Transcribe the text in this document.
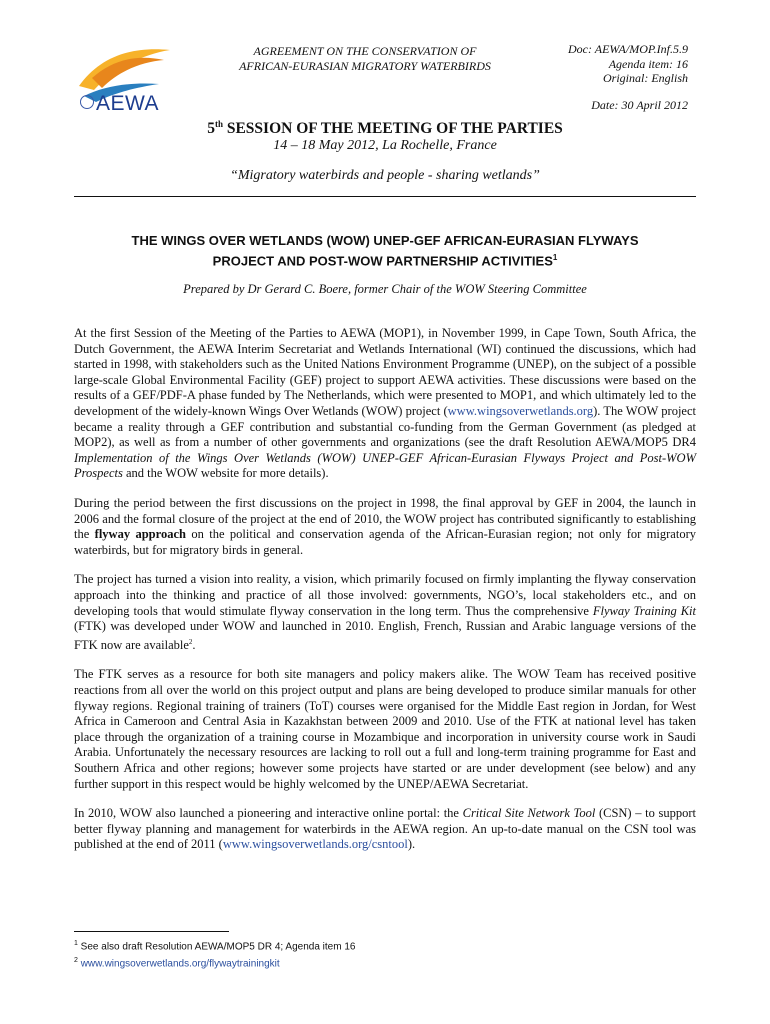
AEWA
AGREEMENT ON THE CONSERVATION OF
AFRICAN-EURASIAN MIGRATORY WATERBIRDS
Doc: AEWA/MOP.Inf.5.9
Agenda item: 16
Original: English
Date: 30 April 2012
5th SESSION OF THE MEETING OF THE PARTIES
14 – 18 May 2012, La Rochelle, France
“Migratory waterbirds and people - sharing wetlands”
THE WINGS OVER WETLANDS (WOW) UNEP-GEF AFRICAN-EURASIAN FLYWAYS
PROJECT AND POST-WOW PARTNERSHIP ACTIVITIES$^1$
Prepared by Dr Gerard C. Boere, former Chair of the WOW Steering Committee

At the first Session of the Meeting of the Parties to AEWA (MOP1), in November 1999, in Cape Town, South Africa, the Dutch Government, the AEWA Interim Secretariat and Wetlands International (WI) continued the discussions, which had started in 1998, with stakeholders such as the United Nations Environment Programme (UNEP), on the subject of a possible large-scale Global Environmental Facility (GEF) project to support AEWA activities. These discussions were based on the results of a GEF/PDF-A phase funded by The Netherlands, which were presented to MOP1, and which ultimately led to the development of the widely-known Wings Over Wetlands (WOW) project (www.wingsoverwetlands.org). The WOW project became a reality through a GEF contribution and substantial co-funding from the German Government (as pledged at MOP2), as well as from a number of other governments and organizations (see the draft Resolution AEWA/MOP5 DR4 Implementation of the Wings Over Wetlands (WOW) UNEP-GEF African-Eurasian Flyways Project and Post-WOW Prospects and the WOW website for more details).

During the period between the first discussions on the project in 1998, the final approval by GEF in 2004, the launch in 2006 and the formal closure of the project at the end of 2010, the WOW project has contributed significantly to establishing the flyway approach on the political and conservation agenda of the African-Eurasian region; not only for migratory waterbirds, but for migratory birds in general.

The project has turned a vision into reality, a vision, which primarily focused on firmly implanting the flyway conservation approach into the thinking and practice of all those involved: governments, NGO’s, local stakeholders etc., and on developing tools that would stimulate flyway conservation in the long term. Thus the comprehensive Flyway Training Kit (FTK) was developed under WOW and launched in 2010. English, French, Russian and Arabic language versions of the FTK now are available$^2$.

The FTK serves as a resource for both site managers and policy makers alike. The WOW Team has received positive reactions from all over the world on this project output and plans are being developed to produce similar manuals for other flyway regions. Regional training of trainers (ToT) courses were organised for the Middle East region in Jordan, for West Africa in Cameroon and Central Asia in Kazakhstan between 2009 and 2010. Use of the FTK at national level has taken place through the organization of a training course in Mozambique and incorporation in university course work in Saudi Arabia. Unfortunately the necessary resources are lacking to roll out a full and long-term training programme for East and Southern Africa and other regions; however some projects have started or are under development (see below) and any further support in this respect would be highly welcomed by the UNEP/AEWA Secretariat.

In 2010, WOW also launched a pioneering and interactive online portal: the Critical Site Network Tool (CSN) – to support better flyway planning and management for waterbirds in the AEWA region. An up-to-date manual on the CSN tool was published at the end of 2011 (www.wingsoverwetlands.org/csntool).

$^1$ See also draft Resolution AEWA/MOP5 DR 4; Agenda item 16
$^2$ www.wingsoverwetlands.org/flywaytrainingkit
